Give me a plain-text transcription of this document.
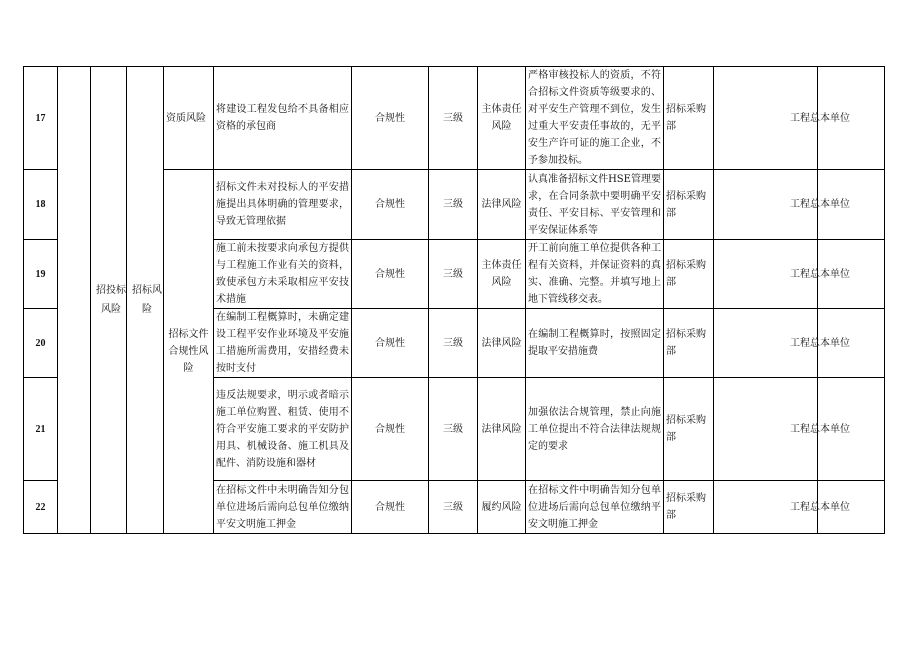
17		招投标风险	招标风险	资质风险	将建设工程发包给不具备相应资格的承包商	合规性	三级	主体责任风险	严格审核投标人的资质，不符合招标文件资质等级要求的、对平安生产管理不到位，发生过重大平安责任事故的，无平安生产许可证的施工企业，不予参加投标。	招标采购部	工程总本单位	
18				招标文件合规性风险	招标文件未对投标人的平安措施提出具体明确的管理要求，导致无管理依据	合规性	三级	法律风险	认真准备招标文件HSE管理要求，在合同条款中要明确平安责任、平安目标、平安管理和平安保证体系等	招标采购部	工程总本单位	
19					施工前未按要求向承包方提供与工程施工作业有关的资料，致使承包方未采取相应平安技术措施	合规性	三级	主体责任风险	开工前向施工单位提供各种工程有关资料，并保证资料的真实、准确、完整。并填写地上地下管线移交表。	招标采购部	工程总本单位	
20					在编制工程概算时，未确定建设工程平安作业环境及平安施工措施所需费用，安措经费未按时支付	合规性	三级	法律风险	在编制工程概算时，按照固定提取平安措施费	招标采购部	工程总本单位	
21					违反法规要求，明示或者暗示施工单位购置、租赁、使用不符合平安施工要求的平安防护用具、机械设备、施工机具及配件、消防设施和器材	合规性	三级	法律风险	加强依法合规管理，禁止向施工单位提出不符合法律法规规定的要求	招标采购部	工程总本单位	
22					在招标文件中未明确告知分包单位进场后需向总包单位缴纳平安文明施工押金	合规性	三级	履约风险	在招标文件中明确告知分包单位进场后需向总包单位缴纳平安文明施工押金	招标采购部	工程总本单位	
